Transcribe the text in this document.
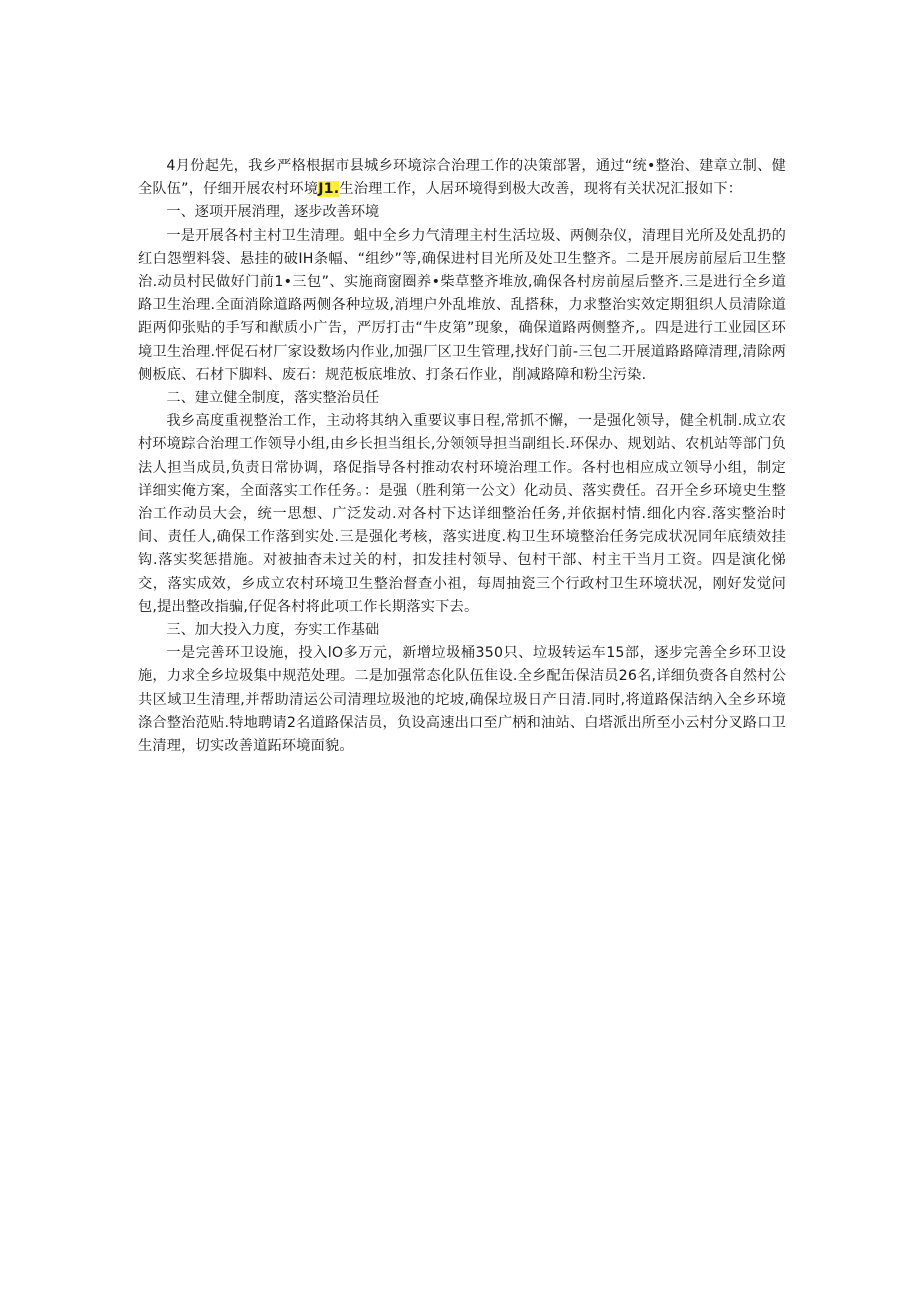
4月份起先，我乡严格根据市县城乡环境淙合治理工作的决策部署，通过“统•整治、建章立制、健全队伍”，仔细开展农村环境J1.生治理工作，人居环境得到极大改善，现将有关状况汇报如下：

一、逐项开展消理，逐步改善环境

一是开展各村主村卫生清理。蛆中全乡力气清理主村生活垃圾、两侧杂仪，清理目光所及处乱扔的红白怨塑料袋、悬挂的破IH条幅、“组纱”等,确保进村目光所及处卫生整齐。二是开展房前屋后卫生整治.动员村民做好门前1•三包”、实施商窗圈养•柴草整齐堆放,确保各村房前屋后整齐.三是进行全乡道路卫生治理.全面消除道路两侧各种垃圾,消埋户外乱堆放、乱搭秣，力求整治实效定期狙织人员清除道距两仰张贴的手写和猷质小广告，严厉打击“牛皮第”现象，确保道路两侧整齐,。四是进行工业园区环境卫生治理.怦促石材厂家设数场内作业,加强厂区卫生管理,找好门前-三包二开展道路路障清理,清除两侧板底、石材下脚料、废石：规范板底堆放、打条石作业，削减路障和粉尘污染.

二、建立健全制度，落实整治员任

我乡高度重视整治工作，主动将其纳入重要议事日程,常抓不懈，一是强化领导，健全机制.成立农村环境踪合治理工作领导小组,由乡长担当组长,分领领导担当副组长.环保办、规划站、农机站等部门负法人担当成员,负责日常协调，珞促指导各村推动农村环境治理工作。各村也相应成立领导小组，制定详细实俺方案，全面落实工作任务。：是强（胜利第一公文）化动员、落实费任。召开全乡环境史生整治工作动员大会，统一思想、广泛发动.对各村下达详细整治任务,并依据村情.细化内容.落实整治时间、责任人,确保工作落到实处.三是强化考核，落实进度.构卫生环境整治任务完成状况同年底绩效挂钩.落实奖惩措施。对被抽杳未过关的村，扣发挂村领导、包村干部、村主干当月工资。四是演化悌交，落实成效，乡成立农村环境卫生整治督查小祖，每周抽瓷三个行政村卫生环境状况，刚好发觉问包,提出整改指骗,仔促各村将此项工作长期落实下去。

三、加大投入力度，夯实工作基础

一是完善环卫设施，投入lO多万元，新增垃圾桶350只、垃圾转运车15部，逐步完善全乡环卫设施，力求全乡垃圾集中规范处理。二是加强常态化队伍隹设.全乡配缶保洁员26名,详细负赍各自然村公共区域卫生清理,并帮助清运公司清理垃圾池的坨坡,确保垃圾日产日清.同时,将道路保洁纳入全乡环境涤合整治范贴.特地聘请2名道路保洁员，负设高速出口至广柄和油站、白塔派出所至小云村分叉路口卫生清理，切实改善道跖环境面貌。
